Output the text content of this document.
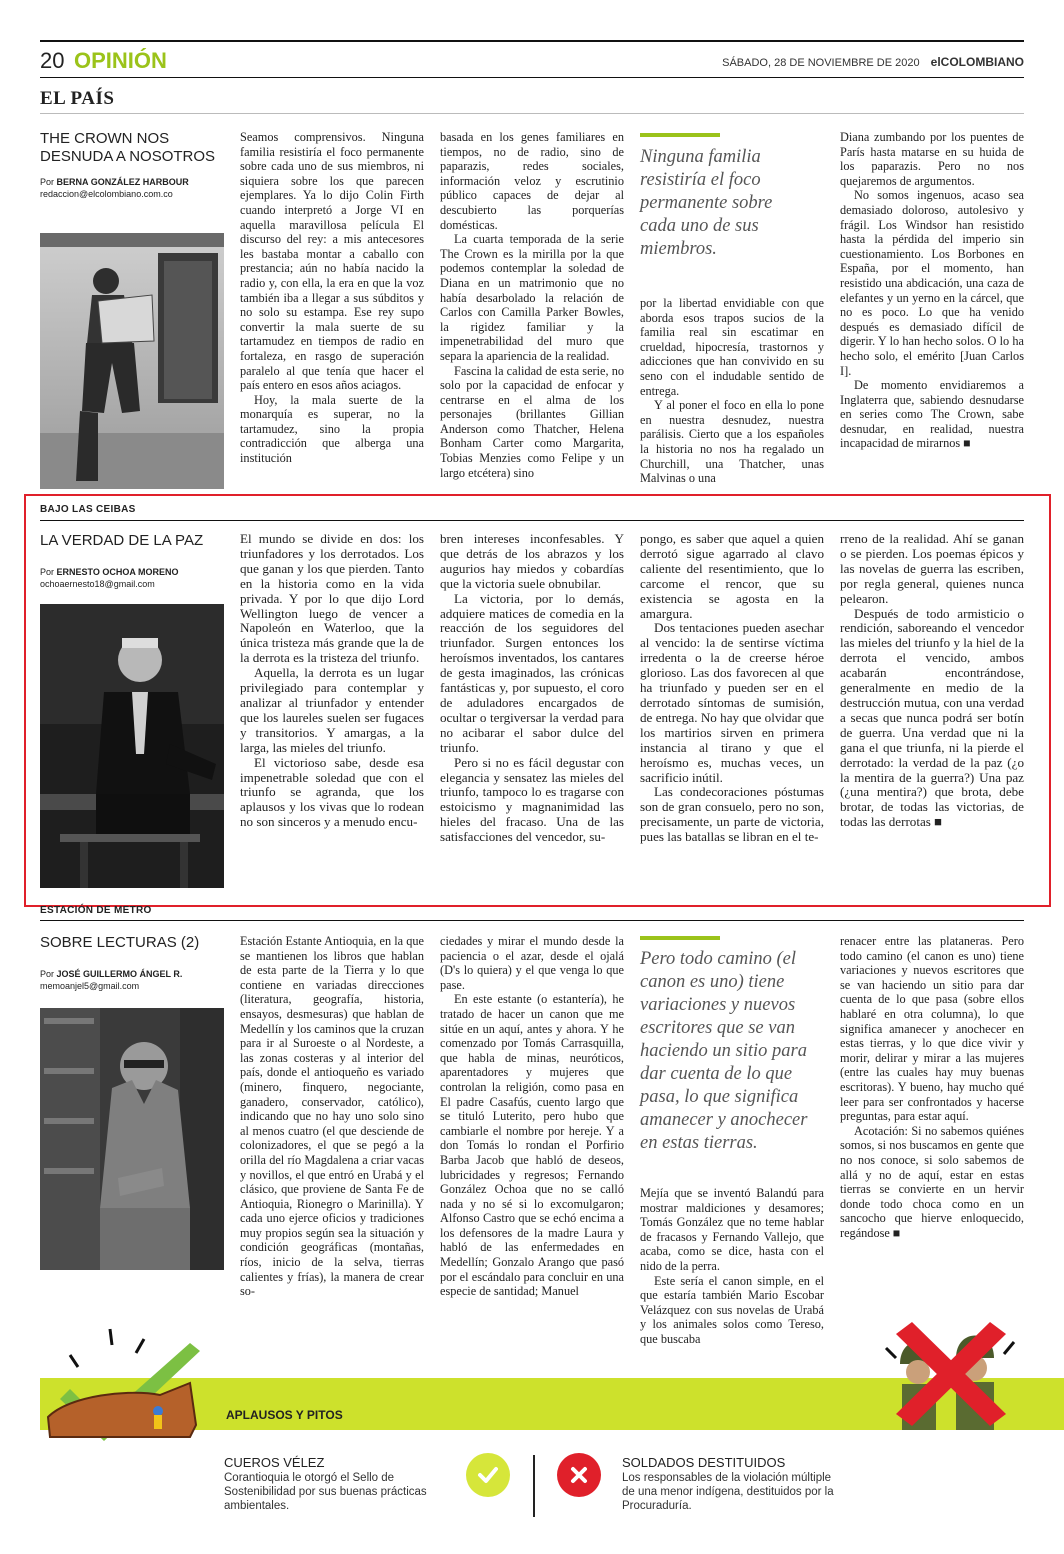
20 OPINIÓN	SÁBADO, 28 DE NOVIEMBRE DE 2020 elCOLOMBIANO
EL PAÍS
THE CROWN NOS DESNUDA A NOSOTROS
Por BERNA GONZÁLEZ HARBOUR
redaccion@elcolombiano.com.co

Seamos comprensivos. Ninguna familia resistiría el foco permanente sobre cada uno de sus miembros, ni siquiera sobre los que parecen ejemplares. Ya lo dijo Colin Firth cuando interpretó a Jorge VI en aquella maravillosa película El discurso del rey: a mis antecesores les bastaba montar a caballo con prestancia; aún no había nacido la radio y, con ella, la era en que la voz también iba a llegar a sus súbditos y no solo su estampa. Ese rey supo convertir la mala suerte de su tartamudez en tiempos de radio en fortaleza, en rasgo de superación paralelo al que tenía que hacer el país entero en esos años aciagos.

Hoy, la mala suerte de la monarquía es superar, no la tartamudez, sino la propia contradicción que alberga una institución

basada en los genes familiares en tiempos, no de radio, sino de paparazis, redes sociales, información veloz y escrutinio público capaces de dejar al descubierto las porquerías domésticas.

La cuarta temporada de la serie The Crown es la mirilla por la que podemos contemplar la soledad de Diana en un matrimonio que no había desarbolado la relación de Carlos con Camilla Parker Bowles, la rigidez familiar y la impenetrabilidad del muro que separa la apariencia de la realidad.

Fascina la calidad de esta serie, no solo por la capacidad de enfocar y centrarse en el alma de los personajes (brillantes Gillian Anderson como Thatcher, Helena Bonham Carter como Margarita, Tobias Menzies como Felipe y un largo etcétera) sino

Ninguna familia resistiría el foco permanente sobre cada uno de sus miembros.

por la libertad envidiable con que aborda esos trapos sucios de la familia real sin escatimar en crueldad, hipocresía, trastornos y adicciones que han convivido en su seno con el indudable sentido de entrega.

Y al poner el foco en ella lo pone en nuestra desnudez, nuestra parálisis. Cierto que a los españoles la historia no nos ha regalado un Churchill, una Thatcher, unas Malvinas o una

Diana zumbando por los puentes de París hasta matarse en su huida de los paparazis. Pero no nos quejaremos de argumentos.

No somos ingenuos, acaso sea demasiado doloroso, autolesivo y frágil. Los Windsor han resistido hasta la pérdida del imperio sin cuestionamiento. Los Borbones en España, por el momento, han resistido una abdicación, una caza de elefantes y un yerno en la cárcel, que no es poco. Lo que ha venido después es demasiado difícil de digerir. Y lo han hecho solos. O lo ha hecho solo, el emérito [Juan Carlos I].

De momento envidiaremos a Inglaterra que, sabiendo desnudarse en series como The Crown, sabe desnudar, en realidad, nuestra incapacidad de mirarnos ■

BAJO LAS CEIBAS
LA VERDAD DE LA PAZ
Por ERNESTO OCHOA MORENO
ochoaernesto18@gmail.com

El mundo se divide en dos: los triunfadores y los derrotados. Los que ganan y los que pierden. Tanto en la historia como en la vida privada. Y por lo que dijo Lord Wellington luego de vencer a Napoleón en Waterloo, que la única tristeza más grande que la de la derrota es la tristeza del triunfo.

Aquella, la derrota es un lugar privilegiado para contemplar y analizar al triunfador y entender que los laureles suelen ser fugaces y transitorios. Y amargas, a la larga, las mieles del triunfo.

El victorioso sabe, desde esa impenetrable soledad que con el triunfo se agranda, que los aplausos y los vivas que lo rodean no son sinceros y a menudo encu-

bren intereses inconfesables. Y que detrás de los abrazos y los augurios hay miedos y cobardías que la victoria suele obnubilar.

La victoria, por lo demás, adquiere matices de comedia en la reacción de los seguidores del triunfador. Surgen entonces los heroísmos inventados, los cantares de gesta imaginados, las crónicas fantásticas y, por supuesto, el coro de aduladores encargados de ocultar o tergiversar la verdad para no acibarar el sabor dulce del triunfo.

Pero si no es fácil degustar con elegancia y sensatez las mieles del triunfo, tampoco lo es tragarse con estoicismo y magnanimidad las hieles del fracaso. Una de las satisfacciones del vencedor, su-

pongo, es saber que aquel a quien derrotó sigue agarrado al clavo caliente del resentimiento, que lo carcome el rencor, que su existencia se agosta en la amargura.

Dos tentaciones pueden asechar al vencido: la de sentirse víctima irredenta o la de creerse héroe glorioso. Las dos favorecen al que ha triunfado y pueden ser en el derrotado síntomas de sumisión, de entrega. No hay que olvidar que los martirios sirven en primera instancia al tirano y que el heroísmo es, muchas veces, un sacrificio inútil.

Las condecoraciones póstumas son de gran consuelo, pero no son, precisamente, un parte de victoria, pues las batallas se libran en el te-

rreno de la realidad. Ahí se ganan o se pierden. Los poemas épicos y las novelas de guerra las escriben, por regla general, quienes nunca pelearon.

Después de todo armisticio o rendición, saboreando el vencedor las mieles del triunfo y la hiel de la derrota el vencido, ambos acabarán encontrándose, generalmente en medio de la destrucción mutua, con una verdad a secas que nunca podrá ser botín de guerra. Una verdad que ni la gana el que triunfa, ni la pierde el derrotado: la verdad de la paz (¿o la mentira de la guerra?) Una paz (¿una mentira?) que brota, debe brotar, de todas las victorias, de todas las derrotas ■

ESTACIÓN DE METRO
SOBRE LECTURAS (2)
Por JOSÉ GUILLERMO ÁNGEL R.
memoanjel5@gmail.com

Estación Estante Antioquia, en la que se mantienen los libros que hablan de esta parte de la Tierra y lo que contiene en variadas direcciones (literatura, geografía, historia, ensayos, desmesuras) que hablan de Medellín y los caminos que la cruzan para ir al Suroeste o al Nordeste, a las zonas costeras y al interior del país, donde el antioqueño es variado (minero, finquero, negociante, ganadero, conservador, católico), indicando que no hay uno solo sino al menos cuatro (el que desciende de colonizadores, el que se pegó a la orilla del río Magdalena a criar vacas y novillos, el que entró en Urabá y el clásico, que proviene de Santa Fe de Antioquia, Rionegro o Marinilla). Y cada uno ejerce oficios y tradiciones muy propios según sea la situación y condición geográficas (montañas, ríos, inicio de la selva, tierras calientes y frías), la manera de crear so-

ciedades y mirar el mundo desde la paciencia o el azar, desde el ojalá (D's lo quiera) y el que venga lo que pase.

En este estante (o estantería), he tratado de hacer un canon que me sitúe en un aquí, antes y ahora. Y he comenzado por Tomás Carrasquilla, que habla de minas, neuróticos, aparentadores y mujeres que controlan la religión, como pasa en El padre Casafús, cuento largo que se tituló Luterito, pero hubo que cambiarle el nombre por hereje. Y a don Tomás lo rondan el Porfirio Barba Jacob que habló de deseos, lubricidades y regresos; Fernando González Ochoa que no se calló nada y no sé si lo excomulgaron; Alfonso Castro que se echó encima a los defensores de la madre Laura y habló de las enfermedades en Medellín; Gonzalo Arango que pasó por el escándalo para concluir en una especie de santidad; Manuel

Pero todo camino (el canon es uno) tiene variaciones y nuevos escritores que se van haciendo un sitio para dar cuenta de lo que pasa, lo que significa amanecer y anochecer en estas tierras.

Mejía que se inventó Balandú para mostrar maldiciones y desamores; Tomás González que no teme hablar de fracasos y Fernando Vallejo, que acaba, como se dice, hasta con el nido de la perra.

Este sería el canon simple, en el que estaría también Mario Escobar Velázquez con sus novelas de Urabá y los animales solos como Tereso, que buscaba

renacer entre las plataneras. Pero todo camino (el canon es uno) tiene variaciones y nuevos escritores que se van haciendo un sitio para dar cuenta de lo que pasa (sobre ellos hablaré en otra columna), lo que significa amanecer y anochecer en estas tierras, y lo que dice vivir y morir, delirar y mirar a las mujeres (entre las cuales hay muy buenas escritoras). Y bueno, hay mucho qué leer para ser confrontados y hacerse preguntas, para estar aquí.

Acotación: Si no sabemos quiénes somos, si nos buscamos en gente que no nos conoce, si solo sabemos de allá y no de aquí, estar en estas tierras se convierte en un hervir donde todo choca como en un sancocho que hierve enloquecido, regándose ■

APLAUSOS Y PITOS
CUEROS VÉLEZ
Corantioquia le otorgó el Sello de Sostenibilidad por sus buenas prácticas ambientales.
SOLDADOS DESTITUIDOS
Los responsables de la violación múltiple de una menor indígena, destituidos por la Procuraduría.
